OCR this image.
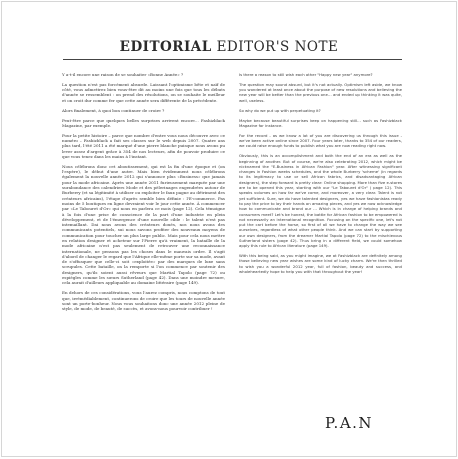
EDITORIAL EDITOR'S NOTE

Y a-t-il encore une raison de se souhaiter «Bonne Année» ?

La question n'est pas forcément absurde. Laissant l'optimisme bête et naïf de côté, vous admettrez bien vous-être dit au moins une fois que tous les débuts d'année se ressemblent : on prend des résolutions, on se souhaite le meilleur et on croit dur comme fer que cette année sera différente de la précédente.

Alors finalement, à quoi bon continuer de croire ?

Peut-être parce que quelques belles surprises arrivent encore… Fashizblack Magazine, par exemple.

Pour la petite histoire – parce que nombre d'entre vous nous découvre avec ce numéro – Fashizblack a fait ses classes sur le web depuis 2007. Quatre ans plus tard, l'été 2011 a été marqué d'une pierre blanche puisque nous avons pu lever assez d'argent grâce à 354 de nos lecteurs, afin de pouvoir produire ce que vous tenez dans les mains à l'instant.

Nous célébrons donc cet aboutissement, qui est la fin d'une époque et (on l'espère), le début d'une autre. Mais bien évidemment nous célébrons également la nouvelle année 2012 qui s'annonce plus «Business» que jamais pour la mode africaine. Après une année 2011 furieusement marquée par une surabondance des calendriers Mode et des pèlerinages engendrées autour de Burberry (et sa légitimité à utiliser ou exploiter le faux pagne au détriment des créateurs africains), l'étape d'après semble bien définie : l'E-commerce. Pas moins de 5 boutiques en ligne devraient voir le jour cette année. À commencer par «Le Tabouret d'Or» qui nous en parlera ce mois (page 12). Cela témoigne à la fois d'une prise de conscience de la part d'une industrie en plein développement, et de l'émergence d'une nouvelle cible : le talent n'est pas intemaillant. Dai nous avons des créateurs doués, nos nous avons des communicants potentiels, sui nous savons profiter des nouveaux moyens de communication pour toucher un plus large public. Mais pour cela nous mettre en relation designer et acheteur sur l'Pierre qu'à vraiment, la bataille de la mode africaine n'est pas seulement de retrouver une reconnaissance internationale, ne pensons pas les choses dans le mauvais ordre. Il s'agit d'abord de changer le regard que l'Afrique elle-même porte sur sa mode, avant de s'offusquer que celle-ci soit «exploitée» par des marques de luxe sans scrupules. Cette bataille, on la remporte si l'on commence par soutenir des designers, qu'ils soient aussi rêveurs que Martial Tapolo (page 72) ou espiègles comme les sœurs Sutherland (page 42). Dans une moindre mesure, cela aurait d'ailleurs appliquable au domaine littéraire (page 149).

En dehors de ces considérations, vous l'aurez compris, nous comptons de tout que, irrémédiablement, continuerons de croire que les tours de nouvelle année sont un porte-bonheur. Nous vous souhaitons donc une année 2012 pleine de style, de mode, de beauté, de succès, et avons-nous pourvoir contribuer !

Is there a reason to still wish each other "Happy new year" anymore?

The question may sound absurd, but it's not actually. Optimism left aside, we know you wondered at least once about the purpose of new resolutions and believing the new year will be better than the previous one… and ended up thinking it was quite, well, useless.

So why do we put up with perpetuating it?

Maybe because beautiful surprises keep on happening still… such as Fashizblack Magazine for instance.

For the record - as we know a lot of you are discovering us through this issue - we've been active online since 2007. Four years later, thanks to 354 of our readers, we could raise enough funds to publish what you are now reading right now.

Obviously, this is an accomplishment and both the end of an era as well as the beginning of another. But of course, we're also celebrating 2012, which might be nicknamed the "E-Business in African Fashion" year. After witnessing significant changes in Fashion weeks schedules, and the whole Burberry 'scheme' (in regards to its legitimacy to use or sell African fabrics, and disadvantaging African designers), the step forward is pretty clear: Online shopping. More than five e-stores are to be opened this year, starting with our "Le Tabouret d'Or" ( page 12). This speaks volumes on how far we've come, and moreover, a very clear. Talent is not yet sufficient. Sure, we do have talented designers, yes we have fashionistas ready to pay the price to lay their hands on amazing pieces, and yes we now acknowledge how to communicate and brand our … Which is in charge of helping brands and consumers meet? Let's be honest, the battle for African fashion to be empowered is not necessarily an international recognition. Focusing on the specific one, let's not put the cart before the horse, so first of all we have to change the way we see ourselves, regardless of what other people think. And we can start by supporting our own designers, from the dreamer Martial Tapolo (page 72) to the mischievous Sutherland sisters (page 42). Thus bring in a different field, we could somehow apply this rule to African literature (page 149).

With this being said, as you might imagine, we at Fashizblack are definitely among those believing new year wishes are some kind of lucky charm. We're then thrilled to wish you a wonderful 2012 year, full of fashion, beauty and success, and wholeheartedly hope to help you with that throughout the year!

P.A.N
